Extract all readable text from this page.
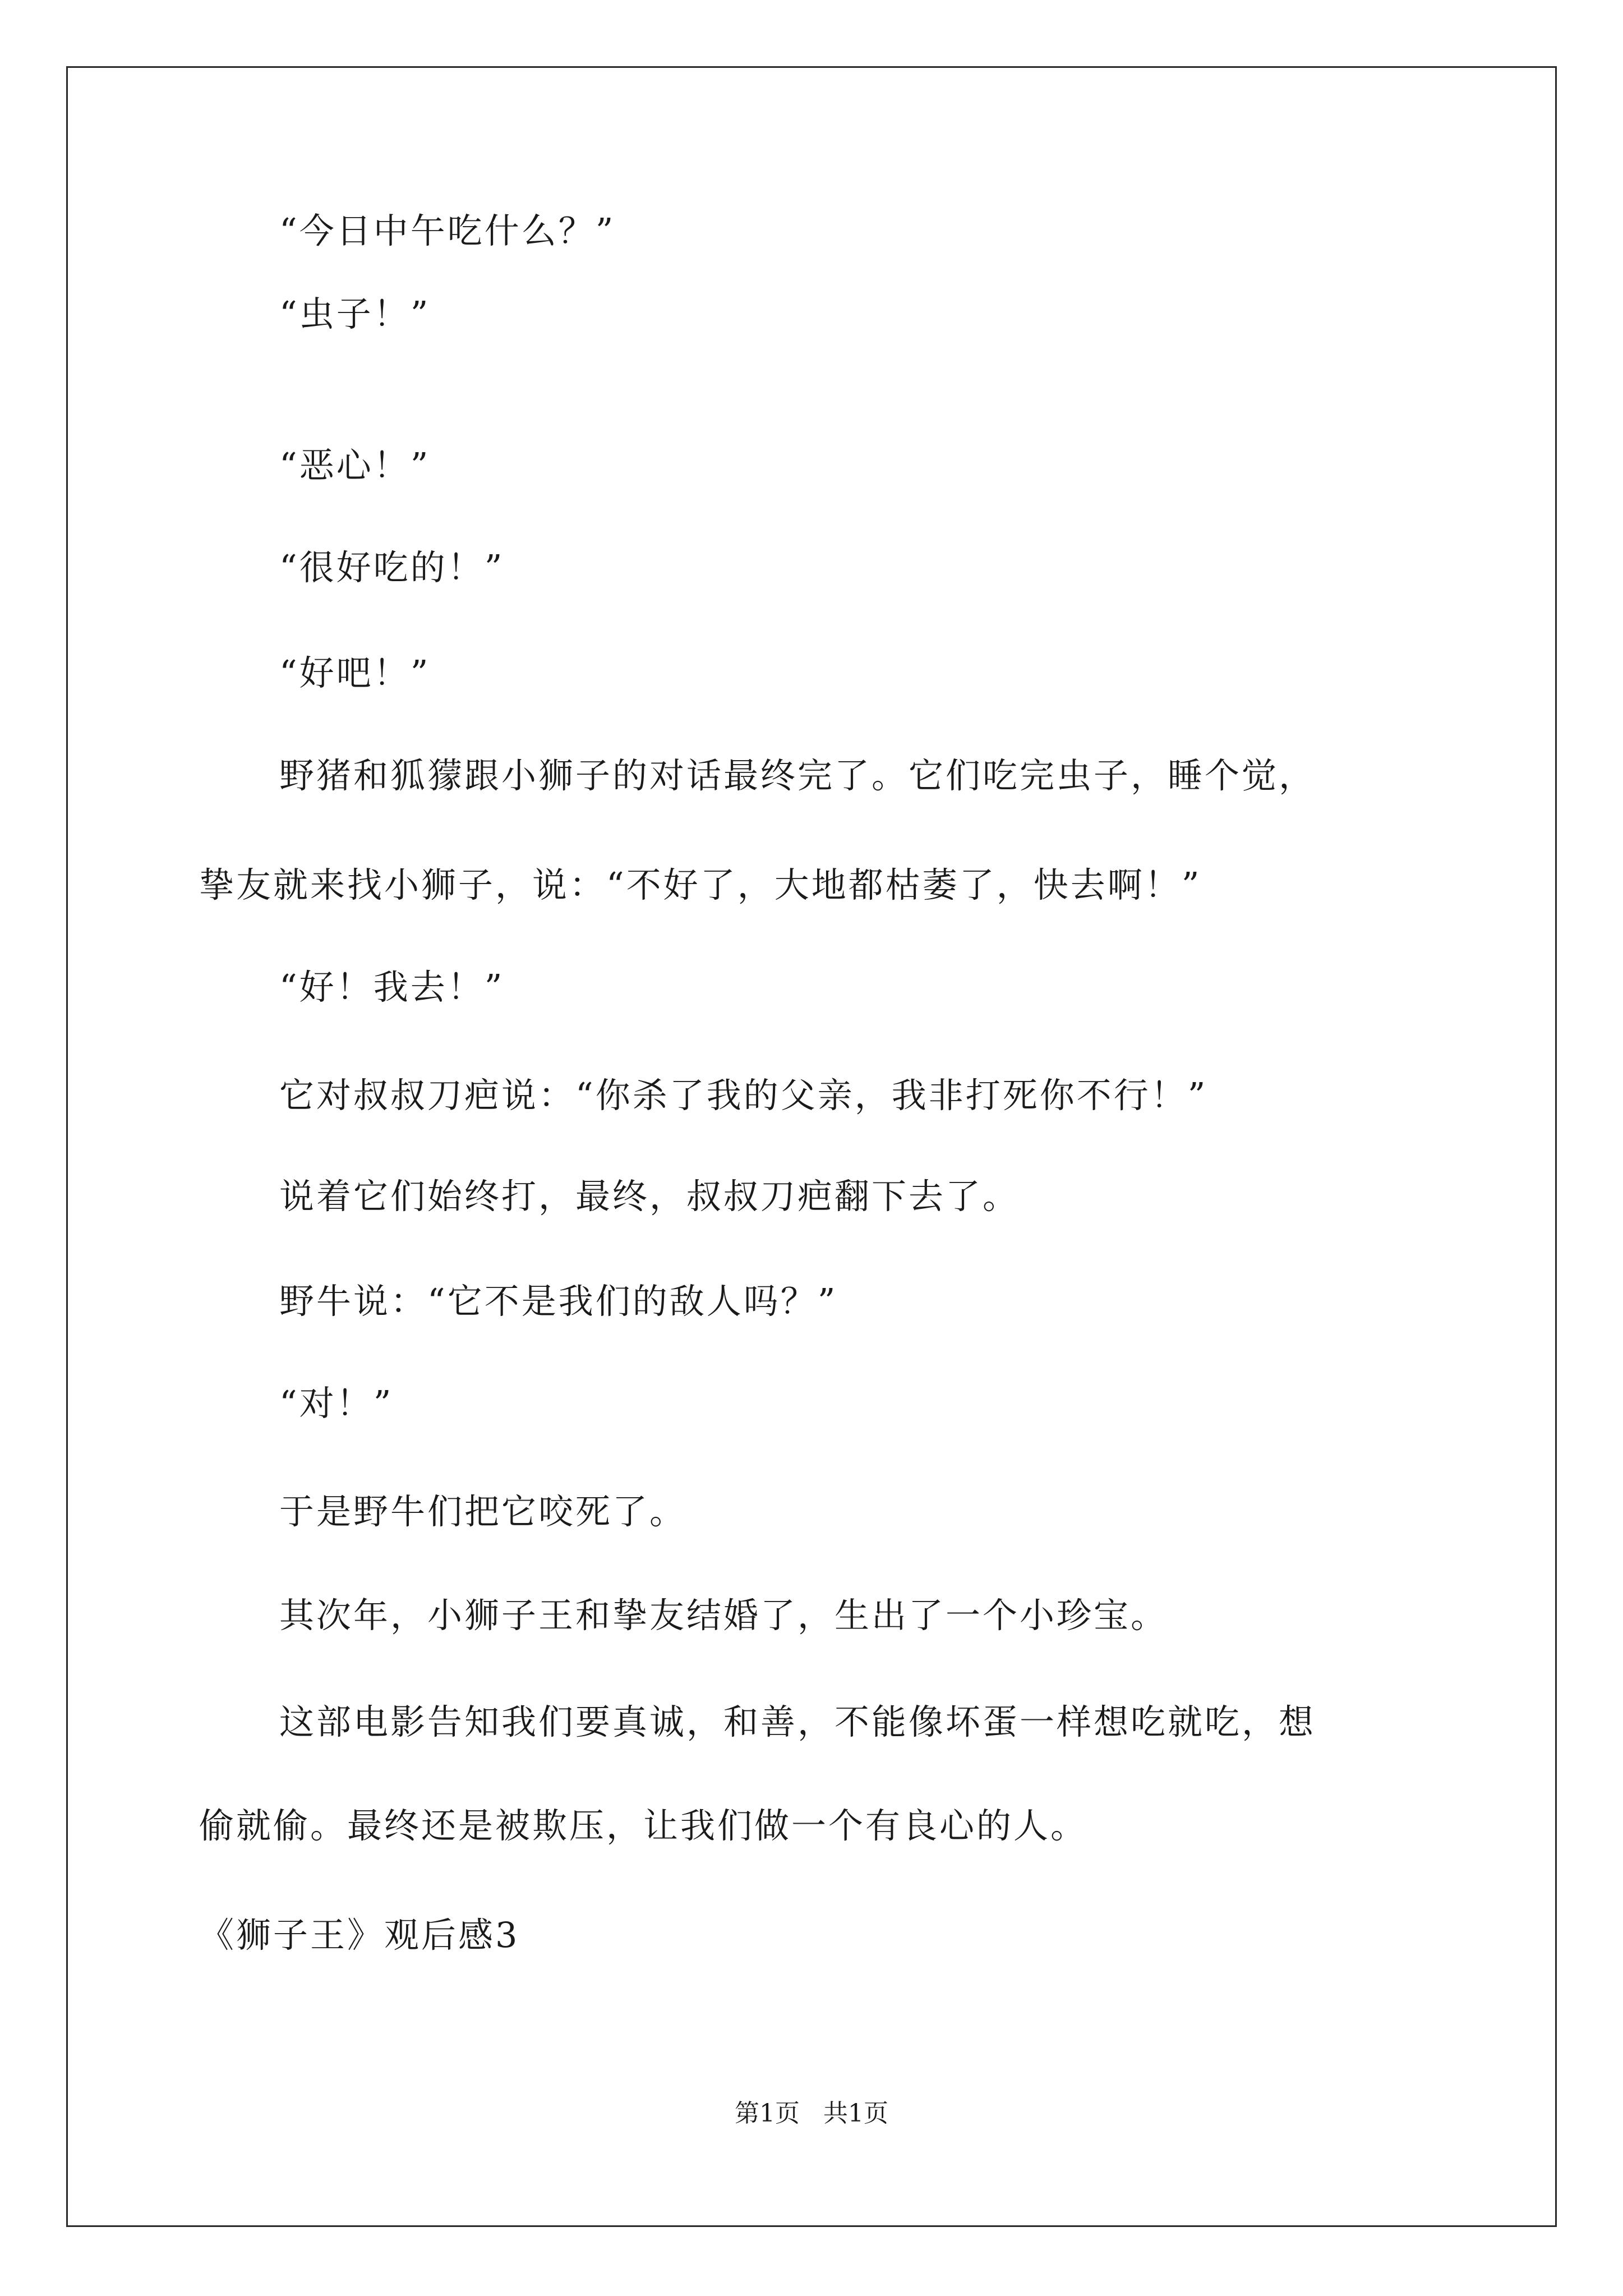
“今日中午吃什么？”
“虫子！”
“恶心！”
“很好吃的！”
“好吧！”
野猪和狐獴跟小狮子的对话最终完了。它们吃完虫子，睡个觉，
挚友就来找小狮子，说：“不好了，大地都枯萎了，快去啊！”
“好！我去！”
它对叔叔刀疤说：“你杀了我的父亲，我非打死你不行！”
说着它们始终打，最终，叔叔刀疤翻下去了。
野牛说：“它不是我们的敌人吗？”
“对！”
于是野牛们把它咬死了。
其次年，小狮子王和挚友结婚了，生出了一个小珍宝。
这部电影告知我们要真诚，和善，不能像坏蛋一样想吃就吃，想
偷就偷。最终还是被欺压，让我们做一个有良心的人。
《狮子王》观后感3
第1页   共1页
